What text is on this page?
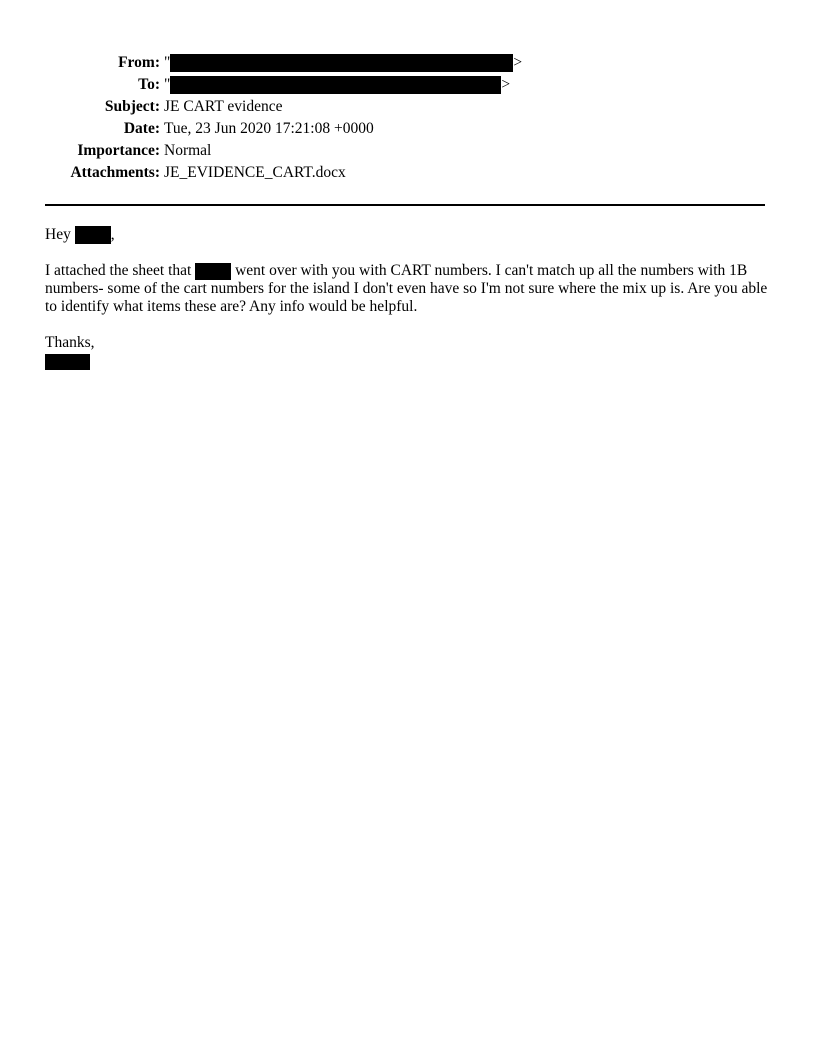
From:	" >
To:	" >
Subject:	JE CART evidence
Date:	Tue, 23 Jun 2020 17:21:08 +0000
Importance:	Normal
Attachments:	JE_EVIDENCE_CART.docx

Hey	,

I attached the sheet that	went over with you with CART numbers. I can't match up all the numbers with 1B numbers- some of the cart numbers for the island I don't even have so I'm not sure where the mix up is. Are you able to identify what items these are? Any info would be helpful.

Thanks,
